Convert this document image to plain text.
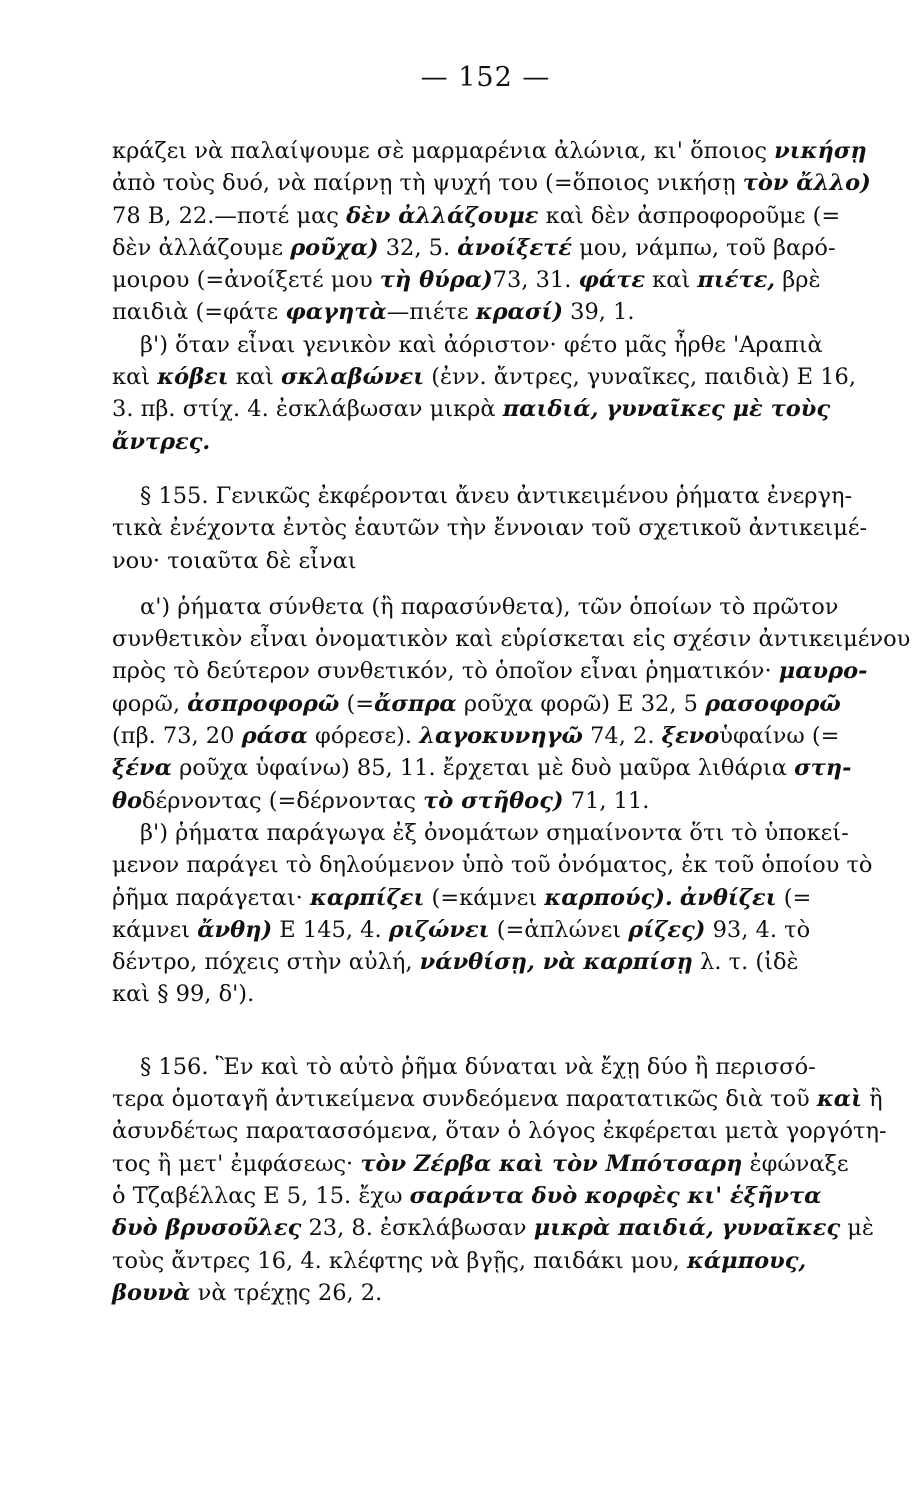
— 152 —
κράζει νὰ παλαίψουμε σὲ μαρμαρένια ἀλώνια, κι' ὅποιος νικήσῃ
ἀπὸ τοὺς δυό, νὰ παίρνῃ τὴ ψυχή του (=ὅποιος νικήσῃ τὸν ἄλλο)
78 B, 22.—ποτέ μας δὲν ἀλλάζουμε καὶ δὲν ἀσπροφοροῦμε (=
δὲν ἀλλάζουμε ροῦχα) 32, 5. ἀνοίξετέ μου, νάμπω, τοῦ βαρό-
μοιρου (=ἀνοίξετέ μου τὴ θύρα)73, 31. φάτε καὶ πιέτε, βρὲ
παιδιὰ (=φάτε φαγητὰ—πιέτε κρασί) 39, 1.
β') ὅταν εἶναι γενικὸν καὶ ἀόριστον· φέτο μᾶς ἦρθε 'Αραπιὰ
καὶ κόβει καὶ σκλαβώνει (ἐνν. ἄντρες, γυναῖκες, παιδιὰ) E 16,
3. πβ. στίχ. 4. ἐσκλάβωσαν μικρὰ παιδιά, γυναῖκες μὲ τοὺς
ἄντρες.
§ 155. Γενικῶς ἐκφέρονται ἄνευ ἀντικειμένου ῥήματα ἐνεργη-
τικὰ ἐνέχοντα ἐντὸς ἑαυτῶν τὴν ἔννοιαν τοῦ σχετικοῦ ἀντικειμέ-
νου· τοιαῦτα δὲ εἶναι
α') ῥήματα σύνθετα (ἢ παρασύνθετα), τῶν ὁποίων τὸ πρῶτον
συνθετικὸν εἶναι ὀνοματικὸν καὶ εὑρίσκεται εἰς σχέσιν ἀντικειμένου
πρὸς τὸ δεύτερον συνθετικόν, τὸ ὁποῖον εἶναι ῥηματικόν· μαυρο-
φορῶ, ἀσπροφορῶ (=ἄσπρα ροῦχα φορῶ) E 32, 5 ρασοφορῶ
(πβ. 73, 20 ράσα φόρεσε). λαγοκυνηγῶ 74, 2. ξενοὑφαίνω (=
ξένα ροῦχα ὑφαίνω) 85, 11. ἔρχεται μὲ δυὸ μαῦρα λιθάρια στη-
θοδέρνοντας (=δέρνοντας τὸ στῆθος) 71, 11.
β') ῥήματα παράγωγα ἐξ ὀνομάτων σημαίνοντα ὅτι τὸ ὑποκεί-
μενον παράγει τὸ δηλούμενον ὑπὸ τοῦ ὀνόματος, ἐκ τοῦ ὁποίου τὸ
ῥῆμα παράγεται· καρπίζει (=κάμνει καρπούς). ἀνθίζει (=
κάμνει ἄνθη) E 145, 4. ριζώνει (=ἁπλώνει ρίζες) 93, 4. τὸ
δέντρο, πόχεις στὴν αὐλή, νάνθίσῃ, νὰ καρπίσῃ λ. τ. (ἰδὲ
καὶ § 99, δ').
§ 156. Ἓν καὶ τὸ αὐτὸ ῥῆμα δύναται νὰ ἔχῃ δύο ἢ περισσό-
τερα ὁμοταγῆ ἀντικείμενα συνδεόμενα παρατατικῶς διὰ τοῦ καὶ ἢ
ἀσυνδέτως παρατασσόμενα, ὅταν ὁ λόγος ἐκφέρεται μετὰ γοργότη-
τος ἢ μετ' ἐμφάσεως· τὸν Ζέρβα καὶ τὸν Μπότσαρη ἐφώναξε
ὁ Τζαβέλλας E 5, 15. ἔχω σαράντα δυὸ κορφὲς κι' ἑξῆντα
δυὸ βρυσοῦλες 23, 8. ἐσκλάβωσαν μικρὰ παιδιά, γυναῖκες μὲ
τοὺς ἄντρες 16, 4. κλέφτης νὰ βγῇς, παιδάκι μου, κάμπους,
βουνὰ νὰ τρέχῃς 26, 2.
